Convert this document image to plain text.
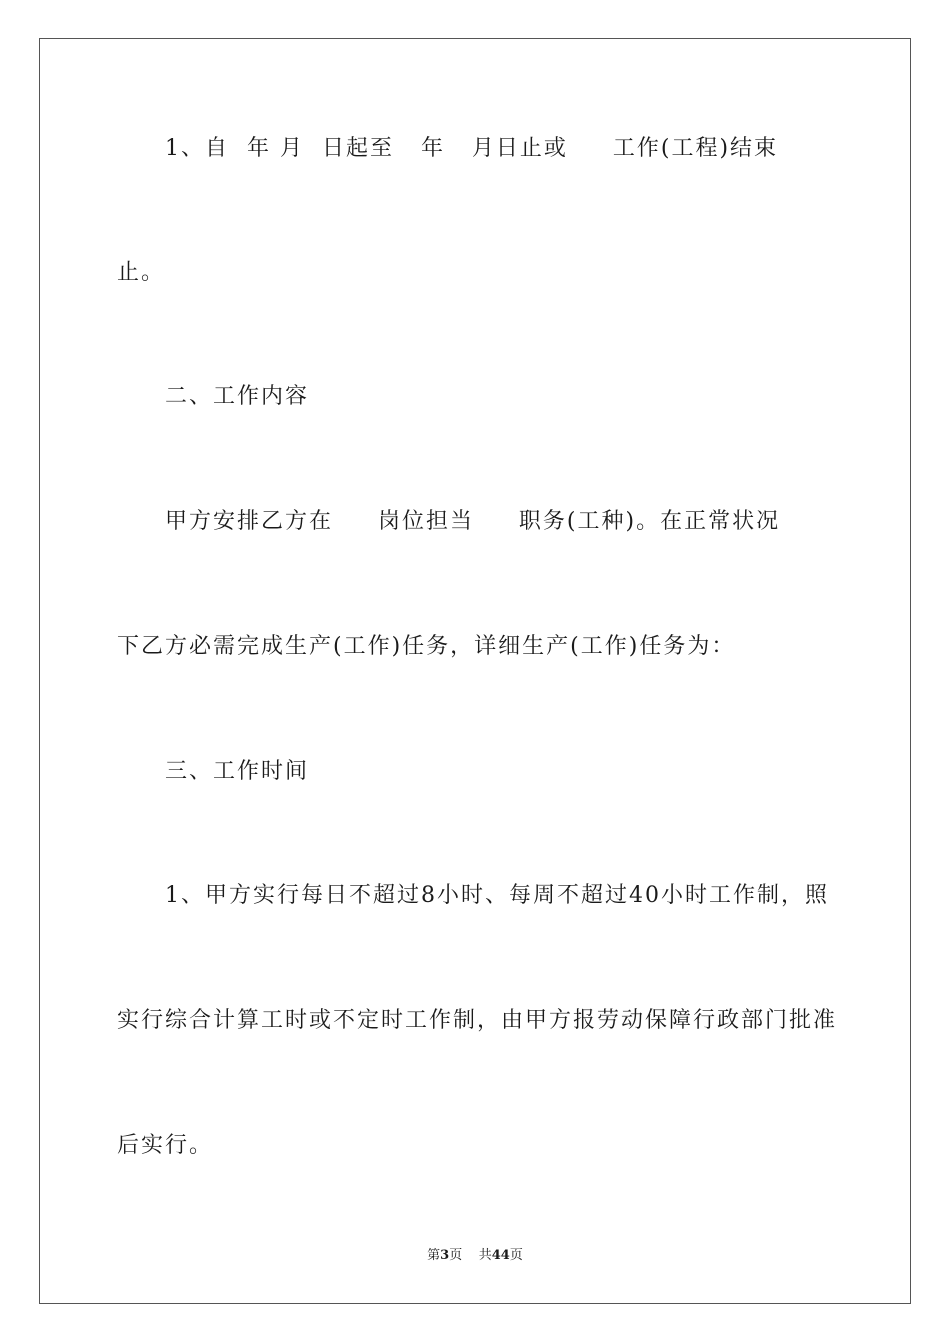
1、自  年 月  日起至   年   月日止或     工作(工程)结束
止。
二、工作内容
甲方安排乙方在     岗位担当     职务(工种)。在正常状况
下乙方必需完成生产(工作)任务，详细生产(工作)任务为：
三、工作时间
1、甲方实行每日不超过8小时、每周不超过40小时工作制，照
实行综合计算工时或不定时工作制，由甲方报劳动保障行政部门批准
后实行。
第3页 共44页
